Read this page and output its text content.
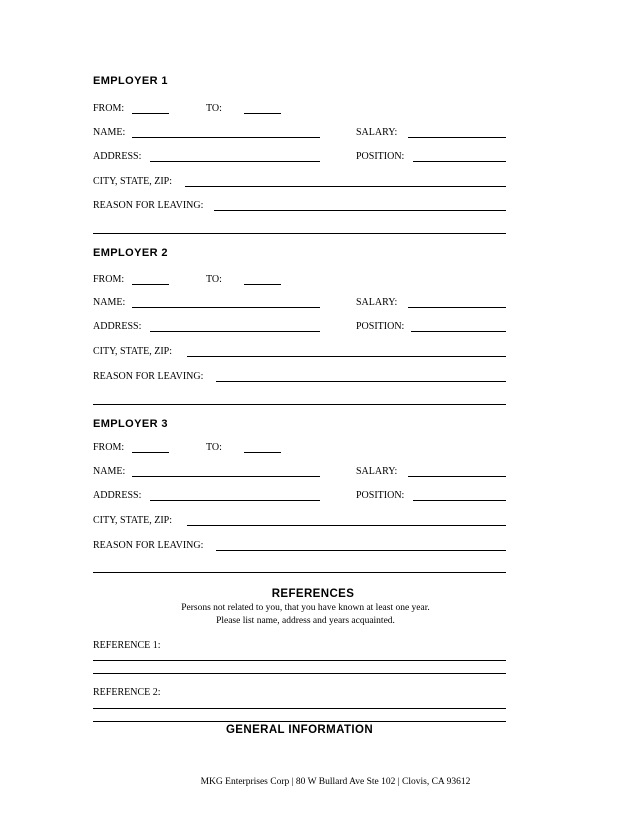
EMPLOYER 1
FROM:	TO:
NAME:	SALARY:
ADDRESS:	POSITION:
CITY, STATE, ZIP:
REASON FOR LEAVING:
EMPLOYER 2
FROM:	TO:
NAME:	SALARY:
ADDRESS:	POSITION:
CITY, STATE, ZIP:
REASON FOR LEAVING:
EMPLOYER 3
FROM:	TO:
NAME:	SALARY:
ADDRESS:	POSITION:
CITY, STATE, ZIP:
REASON FOR LEAVING:
REFERENCES
Persons not related to you, that you have known at least one year.
Please list name, address and years acquainted.
REFERENCE 1:
REFERENCE 2:
GENERAL INFORMATION
MKG Enterprises Corp | 80 W Bullard Ave Ste 102 | Clovis, CA 93612
